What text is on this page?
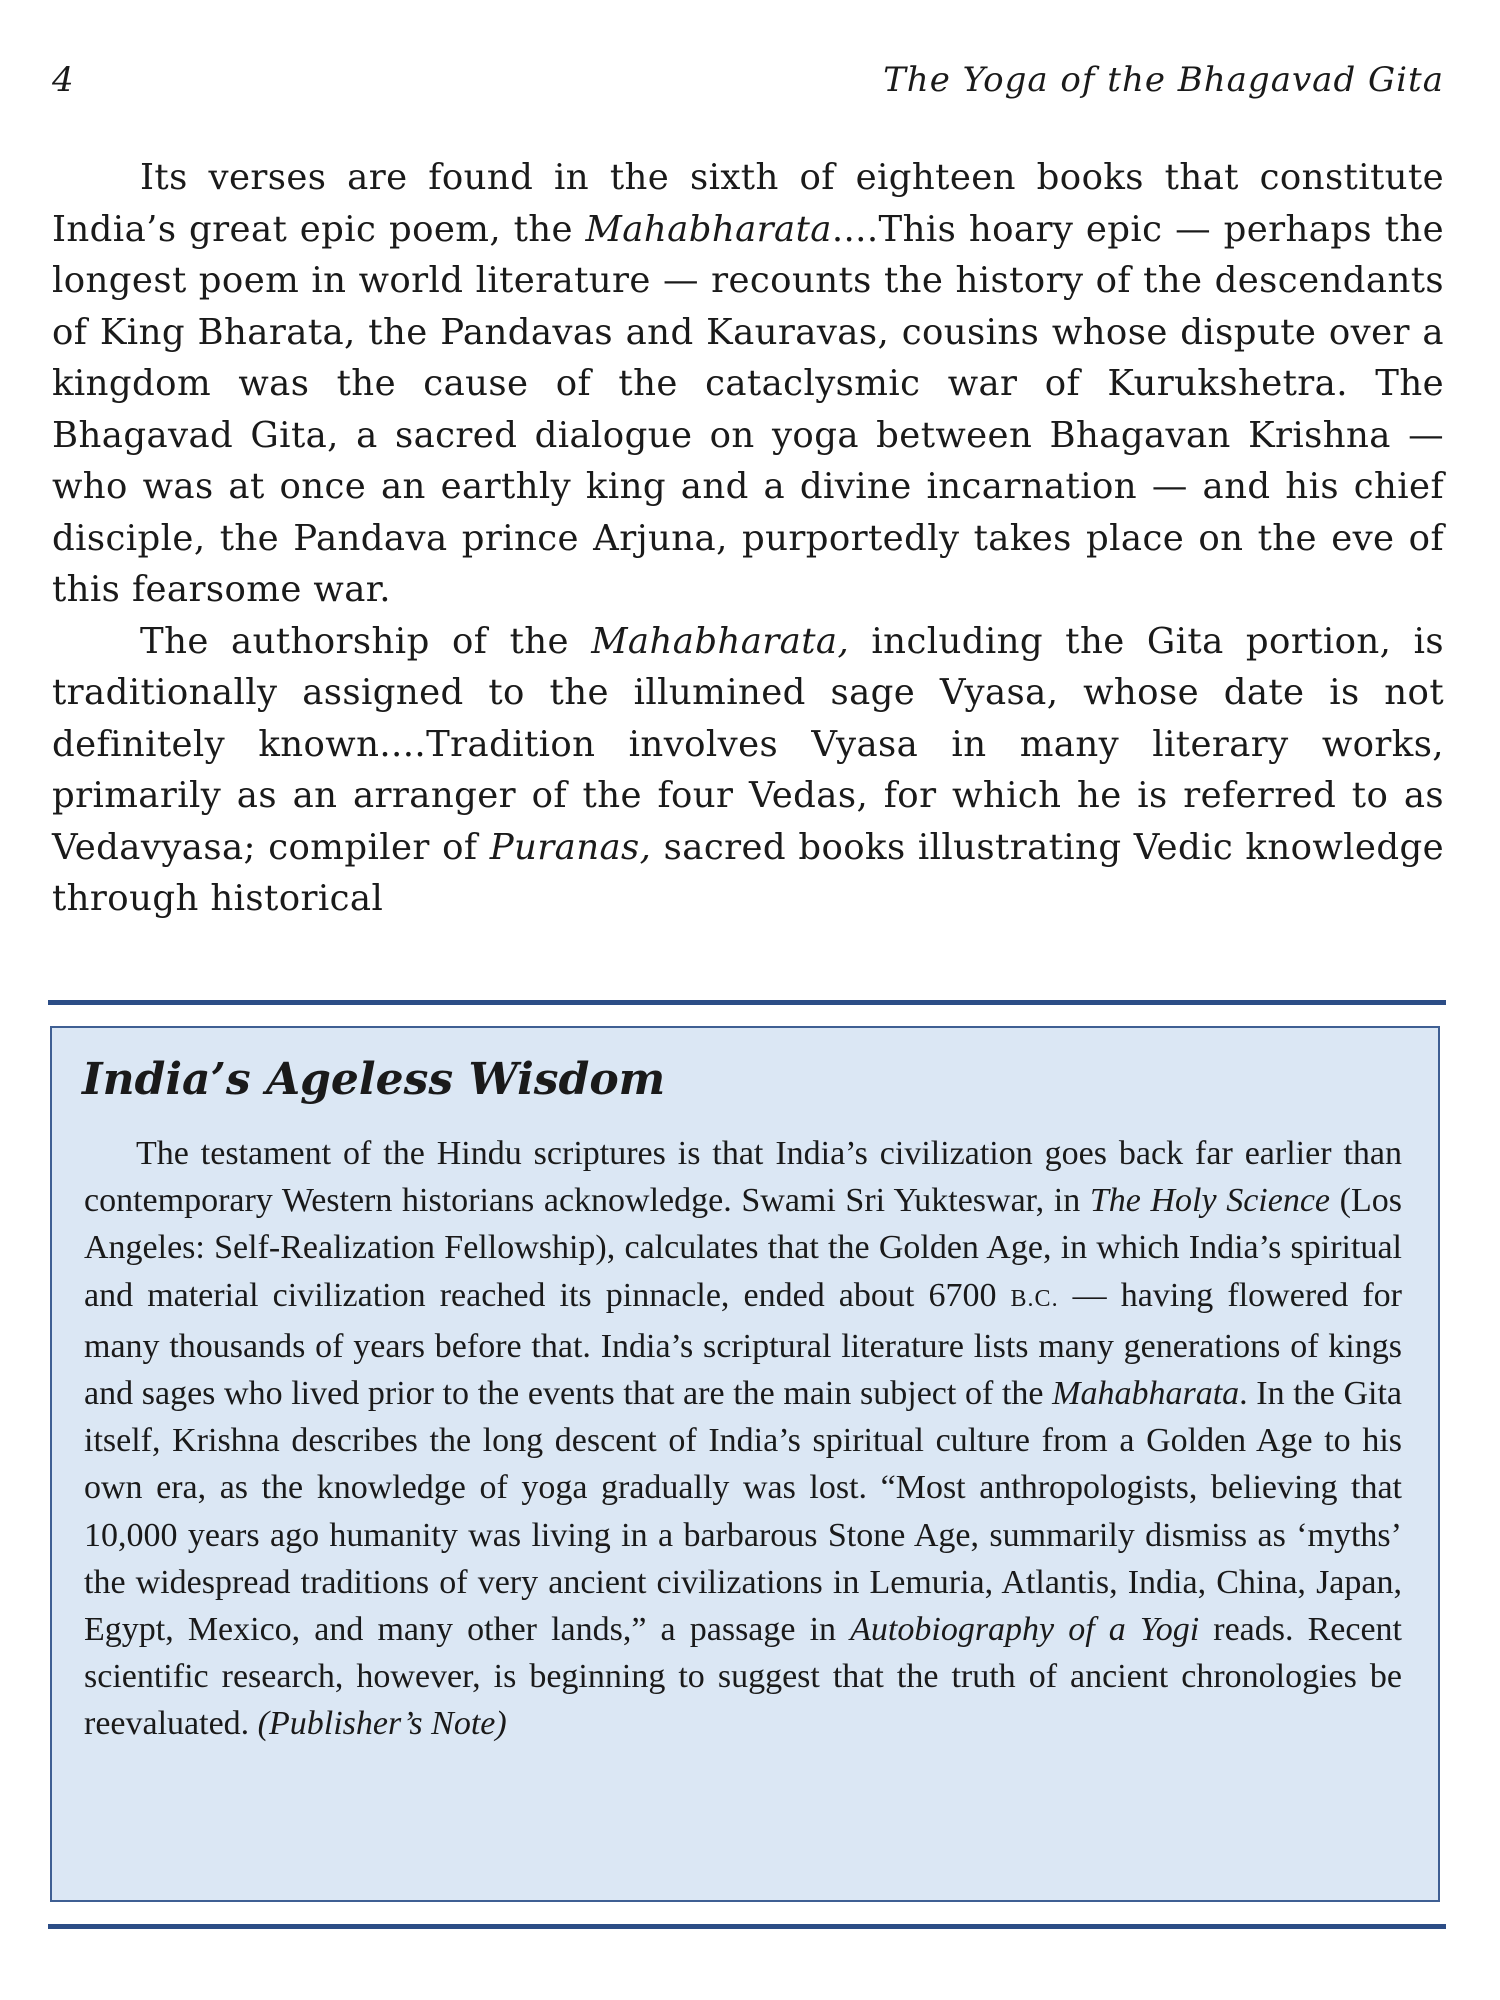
4	The Yoga of the Bhagavad Gita

Its verses are found in the sixth of eighteen books that constitute India’s great epic poem, the Mahabharata....This hoary epic — perhaps the longest poem in world literature — recounts the history of the descendants of King Bharata, the Pandavas and Kauravas, cousins whose dispute over a kingdom was the cause of the cataclysmic war of Kurukshetra. The Bhagavad Gita, a sacred dialogue on yoga between Bhagavan Krishna — who was at once an earthly king and a divine incarnation — and his chief disciple, the Pandava prince Arjuna, purportedly takes place on the eve of this fearsome war.

The authorship of the Mahabharata, including the Gita portion, is traditionally assigned to the illumined sage Vyasa, whose date is not definitely known....Tradition involves Vyasa in many literary works, primarily as an arranger of the four Vedas, for which he is referred to as Vedavyasa; compiler of Puranas, sacred books illustrating Vedic knowledge through historical

India’s Ageless Wisdom

The testament of the Hindu scriptures is that India’s civilization goes back far earlier than contemporary Western historians acknowledge. Swami Sri Yukteswar, in The Holy Science (Los Angeles: Self-Realization Fellowship), calculates that the Golden Age, in which India’s spiritual and material civilization reached its pinnacle, ended about 6700 B.C. — having flowered for many thousands of years before that. India’s scriptural literature lists many generations of kings and sages who lived prior to the events that are the main subject of the Mahabharata. In the Gita itself, Krishna describes the long descent of India’s spiritual culture from a Golden Age to his own era, as the knowledge of yoga gradually was lost. “Most anthropologists, believing that 10,000 years ago humanity was living in a barbarous Stone Age, summarily dismiss as ‘myths’ the widespread traditions of very ancient civilizations in Lemuria, Atlantis, India, China, Japan, Egypt, Mexico, and many other lands,” a passage in Autobiography of a Yogi reads. Recent scientific research, however, is beginning to suggest that the truth of ancient chronologies be reevaluated. (Publisher’s Note)
